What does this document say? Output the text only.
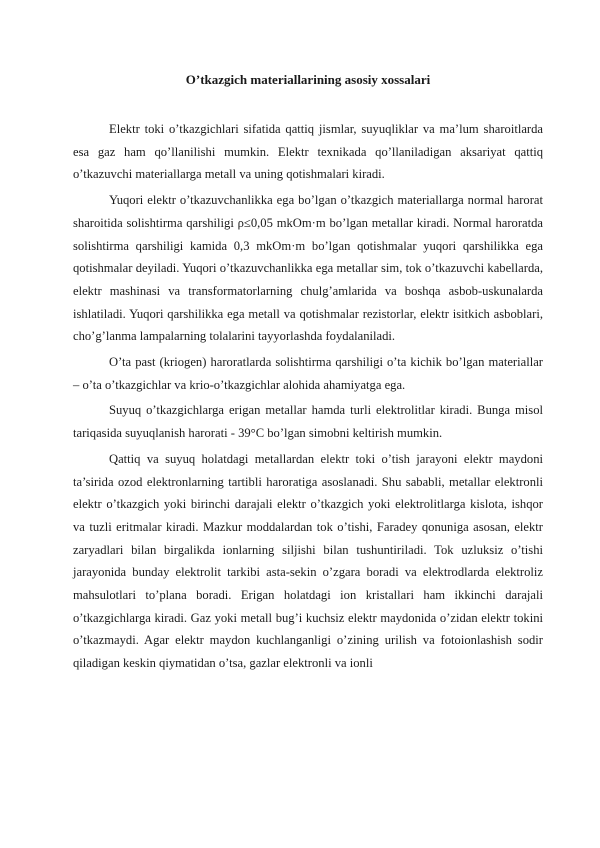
O’tkazgich materiallarining asosiy xossalari

Elektr toki o’tkazgichlari sifatida qattiq jismlar, suyuqliklar va ma’lum sharoitlarda esa gaz ham qo’llanilishi mumkin. Elektr texnikada qo’llaniladigan aksariyat qattiq o’tkazuvchi materiallarga metall va uning qotishmalari kiradi.

Yuqori elektr o’tkazuvchanlikka ega bo’lgan o’tkazgich materiallarga normal harorat sharoitida solishtirma qarshiligi ρ≤0,05 mkOm·m bo’lgan metallar kiradi. Normal haroratda solishtirma qarshiligi kamida 0,3 mkOm·m bo’lgan qotishmalar yuqori qarshilikka ega qotishmalar deyiladi. Yuqori o’tkazuvchanlikka ega metallar sim, tok o’tkazuvchi kabellarda, elektr mashinasi va transformatorlarning chulg’amlarida va boshqa asbob-uskunalarda ishlatiladi. Yuqori qarshilikka ega metall va qotishmalar rezistorlar, elektr isitkich asboblari, cho’g’lanma lampalarning tolalarini tayyorlashda foydalaniladi.

O’ta past (kriogen) haroratlarda solishtirma qarshiligi o’ta kichik bo’lgan materiallar – o’ta o’tkazgichlar va krio-o’tkazgichlar alohida ahamiyatga ega.

Suyuq o’tkazgichlarga erigan metallar hamda turli elektrolitlar kiradi. Bunga misol tariqasida suyuqlanish harorati - 39°C bo’lgan simobni keltirish mumkin.

Qattiq va suyuq holatdagi metallardan elektr toki o’tish jarayoni elektr maydoni ta’sirida ozod elektronlarning tartibli harorat‌iga asoslanadi. Shu sababli, metallar elektronli elektr o’tkazgich yoki birinchi darajali elektr o’tkazgich yoki elektrolitlarga kislota, ishqor va tuzli eritmalar kiradi. Mazkur moddalardan tok o’tishi, Faradey qonuniga asosan, elektr zaryadlari bilan birgalikda ionlarning siljishi bilan tushuntiriladi. Tok uzluksiz o’tishi jarayonida bunday elektrolit tarkibi asta-sekin o’zgara boradi va elektrodlarda elektroliz mahsulotlari to’plana boradi. Erigan holatdagi ion kristallari ham ikkinchi darajali o’tkazgichlarga kiradi. Gaz yoki metall bug’i kuchsiz elektr maydonida o’zidan elektr tokini o’tkazmaydi. Agar elektr maydon kuchlanganligi o’zining urilish va fotoionlashish sodir qiladigan keskin qiymatidan o’tsa, gazlar elektronli va ionli
